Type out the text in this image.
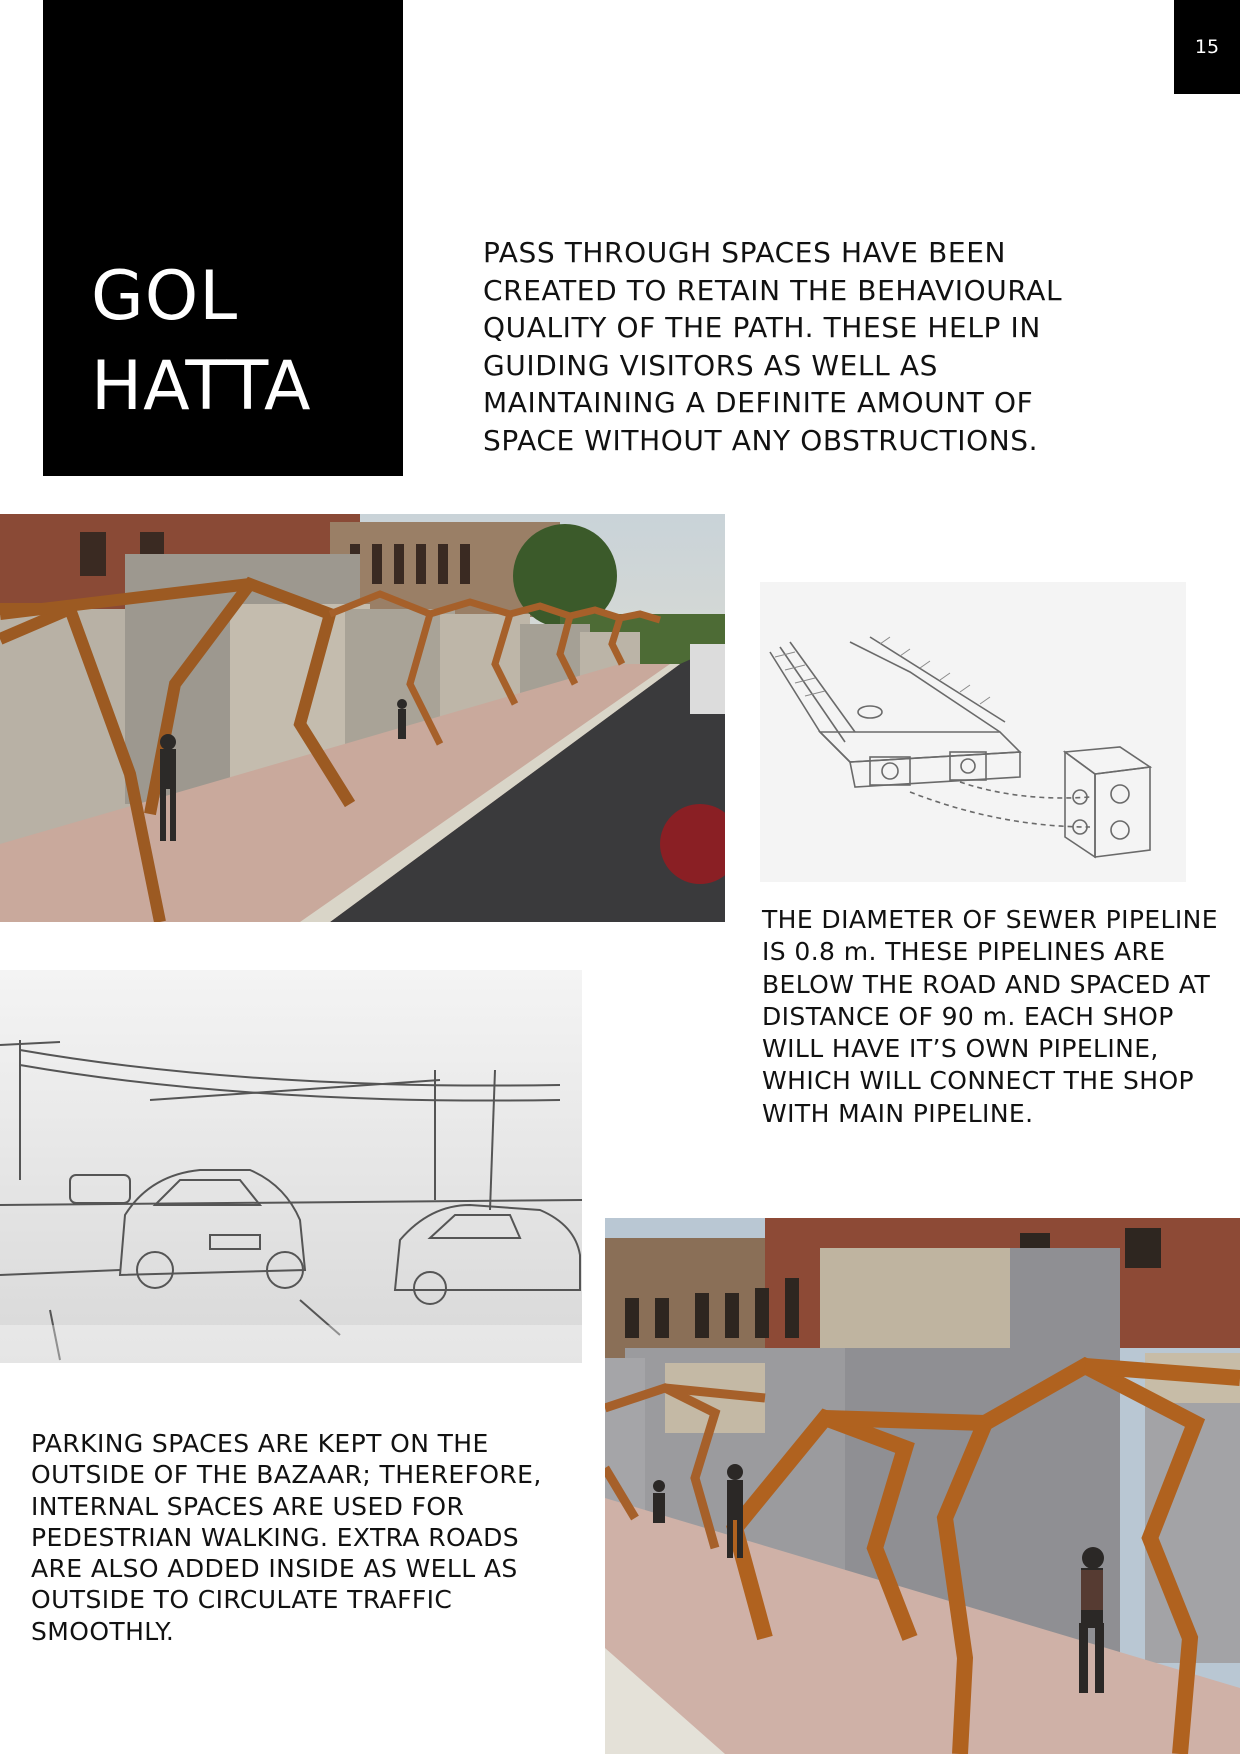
15
GOL
HATTA
PASS THROUGH SPACES HAVE BEEN CREATED TO RETAIN THE BEHAVIOURAL QUALITY OF THE PATH. THESE HELP IN GUIDING VISITORS AS WELL AS MAINTAINING A DEFINITE AMOUNT OF SPACE WITHOUT ANY OBSTRUCTIONS.
THE DIAMETER OF SEWER PIPELINE IS 0.8 m. THESE PIPELINES ARE BELOW THE ROAD AND SPACED AT DISTANCE OF 90 m. EACH SHOP WILL HAVE IT’S OWN PIPELINE, WHICH WILL CONNECT THE SHOP WITH MAIN PIPELINE.
PARKING SPACES ARE KEPT ON THE OUTSIDE OF THE BAZAAR; THEREFORE, INTERNAL SPACES ARE USED FOR PEDESTRIAN WALKING. EXTRA ROADS ARE ALSO ADDED INSIDE AS WELL AS OUTSIDE TO CIRCULATE TRAFFIC SMOOTHLY.
